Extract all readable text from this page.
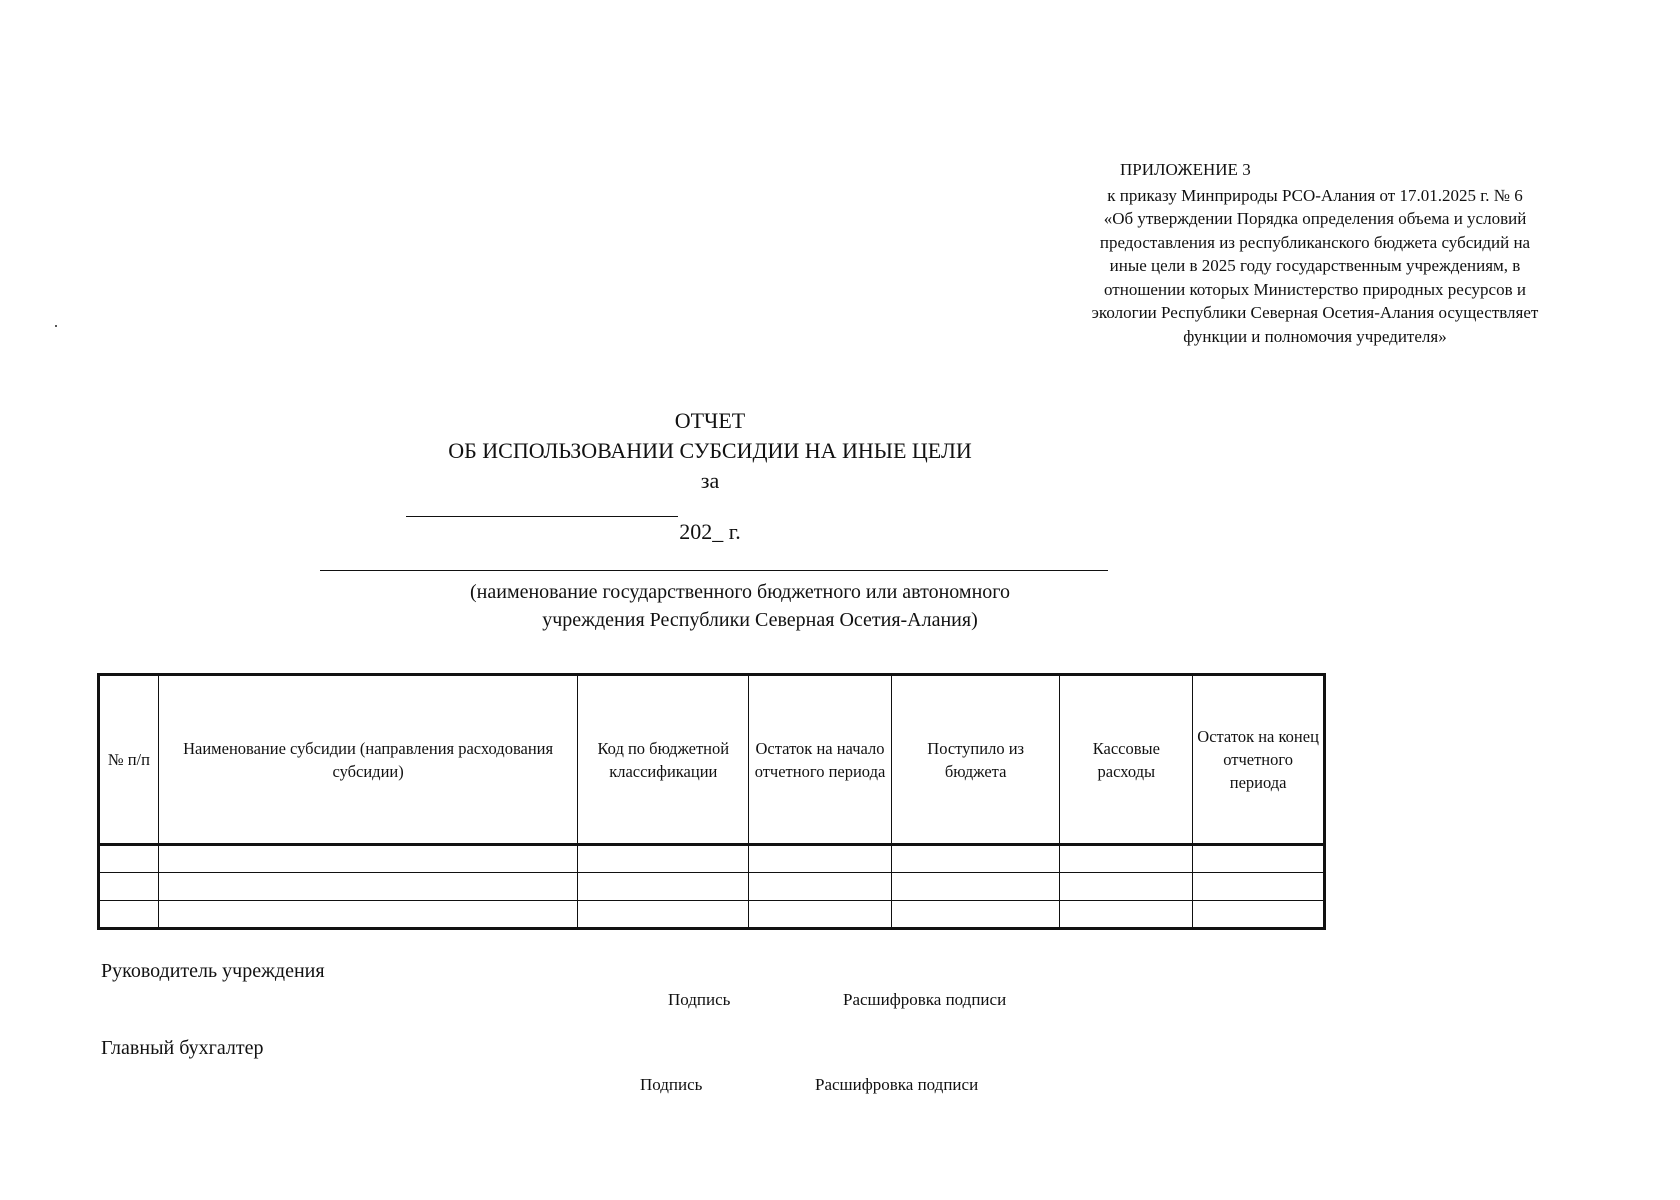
ПРИЛОЖЕНИЕ 3
к приказу Минприроды РСО-Алания от 17.01.2025 г. № 6
«Об утверждении Порядка определения объема и условий
предоставления из республиканского бюджета субсидий на
иные цели в 2025 году государственным учреждениям, в
отношении которых Министерство природных ресурсов и
экологии Республики Северная Осетия-Алания осуществляет
функции и полномочия учредителя»
ОТЧЕТ
ОБ ИСПОЛЬЗОВАНИИ СУБСИДИИ НА ИНЫЕ ЦЕЛИ
за
202_ г.
(наименование государственного бюджетного или автономного
учреждения Республики Северная Осетия-Алания)
№ п/п	Наименование субсидии (направления расходования субсидии)	Код по бюджетной классификации	Остаток на начало отчетного периода	Поступило из бюджета	Кассовые расходы	Остаток на конец отчетного периода

Руководитель учреждения
Подпись	Расшифровка подписи
Главный бухгалтер
Подпись	Расшифровка подписи
